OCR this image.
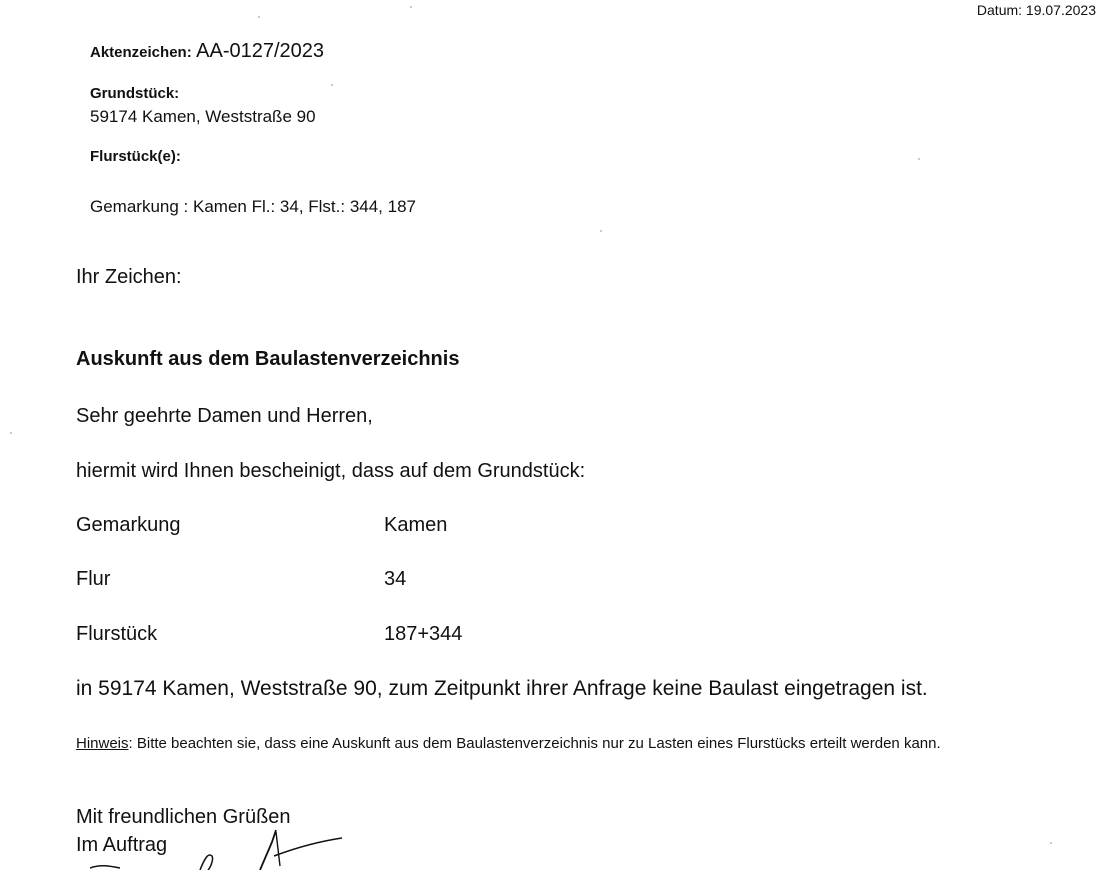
Datum: 19.07.2023
Aktenzeichen: AA-0127/2023
Grundstück:
59174 Kamen, Weststraße 90
Flurstück(e):
Gemarkung : Kamen Fl.: 34, Flst.: 344, 187
Ihr Zeichen:
Auskunft aus dem Baulastenverzeichnis
Sehr geehrte Damen und Herren,
hiermit wird Ihnen bescheinigt, dass auf dem Grundstück:
Gemarkung	Kamen
Flur	34
Flurstück	187+344
in 59174 Kamen, Weststraße 90, zum Zeitpunkt ihrer Anfrage keine Baulast eingetragen ist.
Hinweis: Bitte beachten sie, dass eine Auskunft aus dem Baulastenverzeichnis nur zu Lasten eines Flurstücks erteilt werden kann.
Mit freundlichen Grüßen
Im Auftrag
